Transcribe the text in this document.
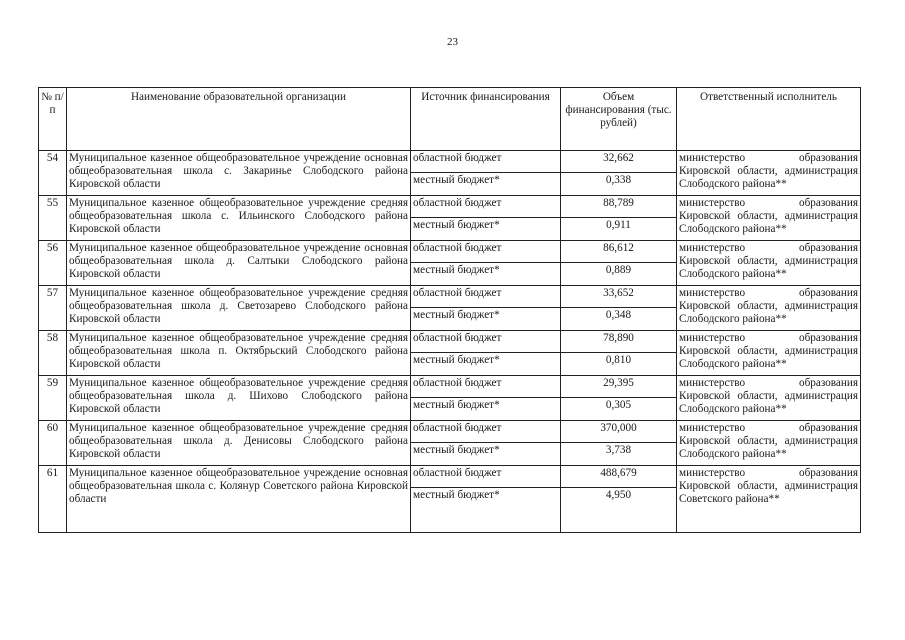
23
№ п/п	Наименование образовательной организации	Источник финансирования	Объем финансирования (тыс. рублей)	Ответственный исполнитель
54	Муниципальное казенное общеобразовательное учреждение основная общеобразовательная школа с. Закаринье Слободского района Кировской области	областной бюджет	32,662	министерство образования Кировской области, администрация Слободского района**
		местный бюджет*	0,338	
55	Муниципальное казенное общеобразовательное учреждение средняя общеобразовательная школа с. Ильинского Слободского района Кировской области	областной бюджет	88,789	министерство образования Кировской области, администрация Слободского района**
		местный бюджет*	0,911	
56	Муниципальное казенное общеобразовательное учреждение основная общеобразовательная школа д. Салтыки Слободского района Кировской области	областной бюджет	86,612	министерство образования Кировской области, администрация Слободского района**
		местный бюджет*	0,889	
57	Муниципальное казенное общеобразовательное учреждение средняя общеобразовательная школа д. Светозарево Слободского района Кировской области	областной бюджет	33,652	министерство образования Кировской области, администрация Слободского района**
		местный бюджет*	0,348	
58	Муниципальное казенное общеобразовательное учреждение средняя общеобразовательная школа п. Октябрьский Слободского района Кировской области	областной бюджет	78,890	министерство образования Кировской области, администрация Слободского района**
		местный бюджет*	0,810	
59	Муниципальное казенное общеобразовательное учреждение средняя общеобразовательная школа д. Шихово Слободского района Кировской области	областной бюджет	29,395	министерство образования Кировской области, администрация Слободского района**
		местный бюджет*	0,305	
60	Муниципальное казенное общеобразовательное учреждение средняя общеобразовательная школа д. Денисовы Слободского района Кировской области	областной бюджет	370,000	министерство образования Кировской области, администрация Слободского района**
		местный бюджет*	3,738	
61	Муниципальное казенное общеобразовательное учреждение основная общеобразовательная школа с. Колянур Советского района Кировской области	областной бюджет	488,679	министерство образования Кировской области, администрация Советского района**
		местный бюджет*	4,950	
